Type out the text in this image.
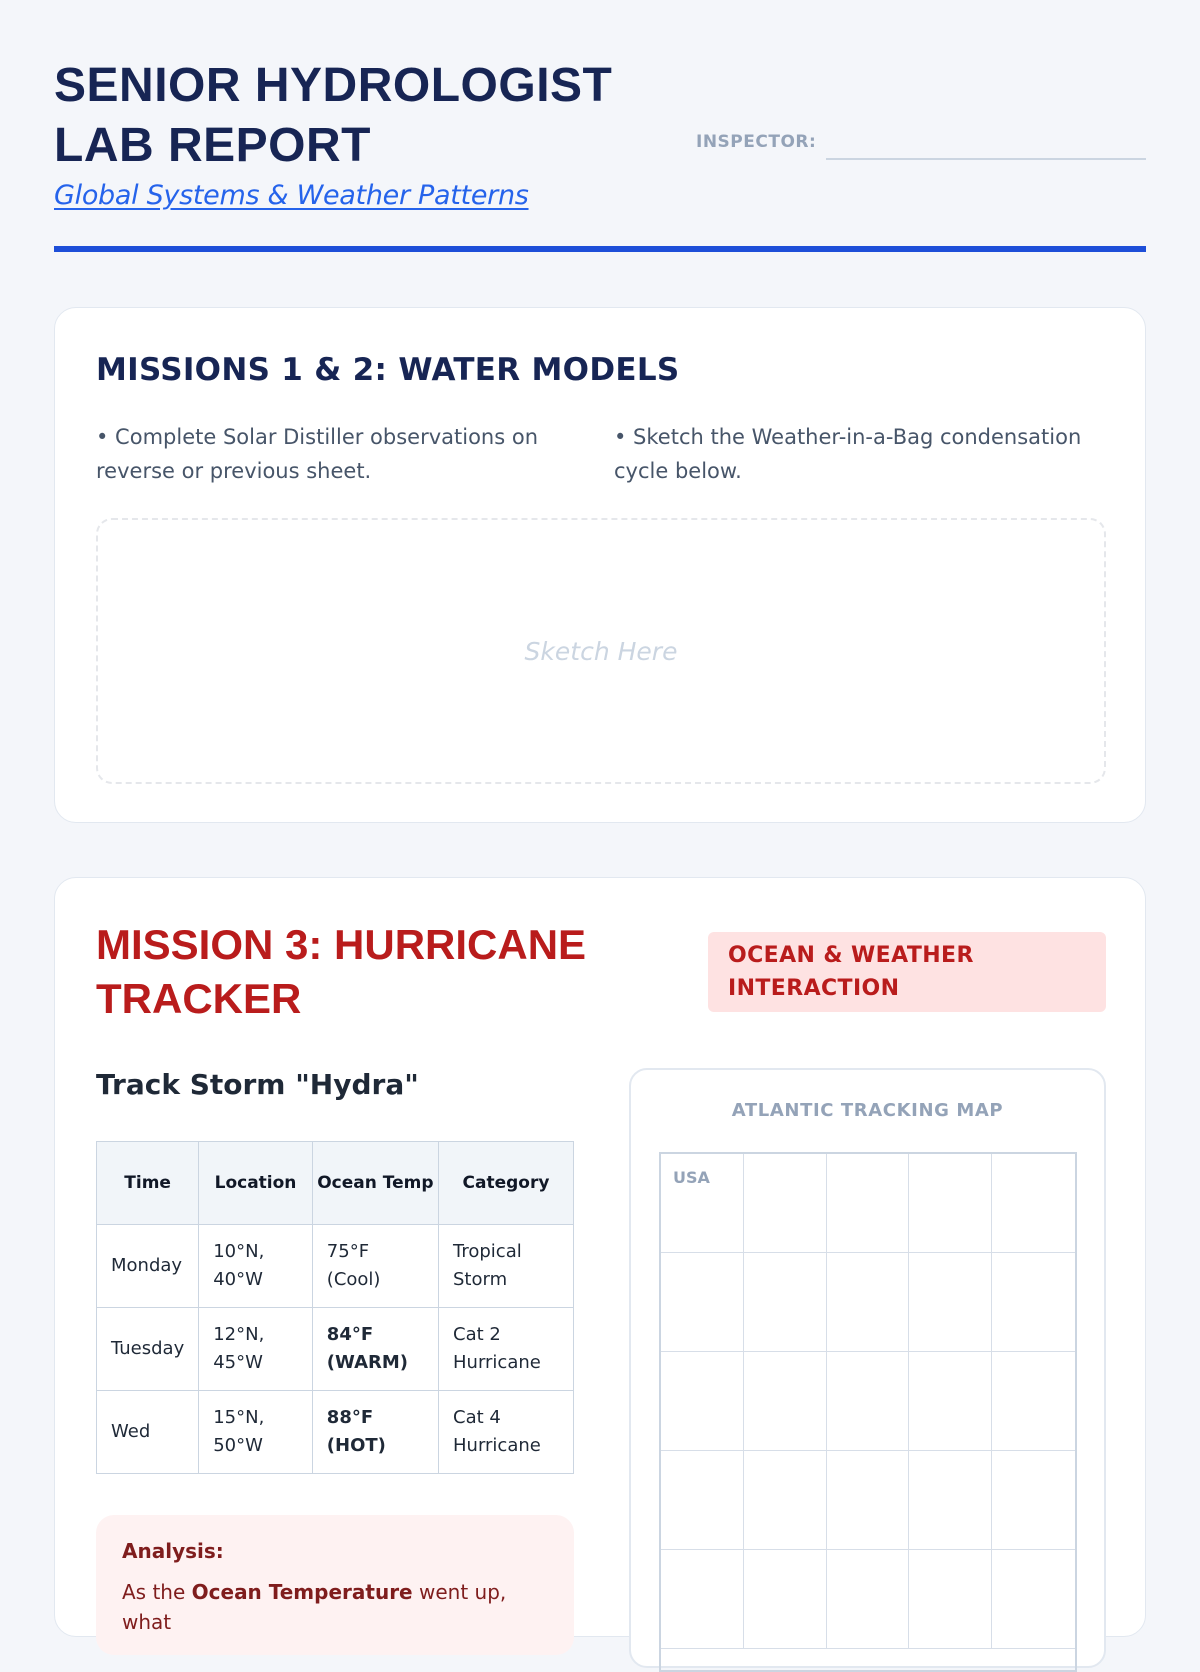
SENIOR HYDROLOGIST LAB REPORT
Global Systems & Weather Patterns
INSPECTOR:
MISSIONS 1 & 2: WATER MODELS

• Complete Solar Distiller observations on reverse or previous sheet.

• Sketch the Weather-in-a-Bag condensation cycle below.

Sketch Here
MISSION 3: HURRICANE TRACKER
OCEAN & WEATHER INTERACTION
Track Storm "Hydra"
Time	Location	Ocean Temp	Category
Monday	10°N, 40°W	75°F (Cool)	Tropical Storm
Tuesday	12°N, 45°W	84°F (WARM)	Cat 2 Hurricane
Wed	15°N, 50°W	88°F (HOT)	Cat 4 Hurricane
Analysis:

As the Ocean Temperature went up, what

ATLANTIC TRACKING MAP
USA
